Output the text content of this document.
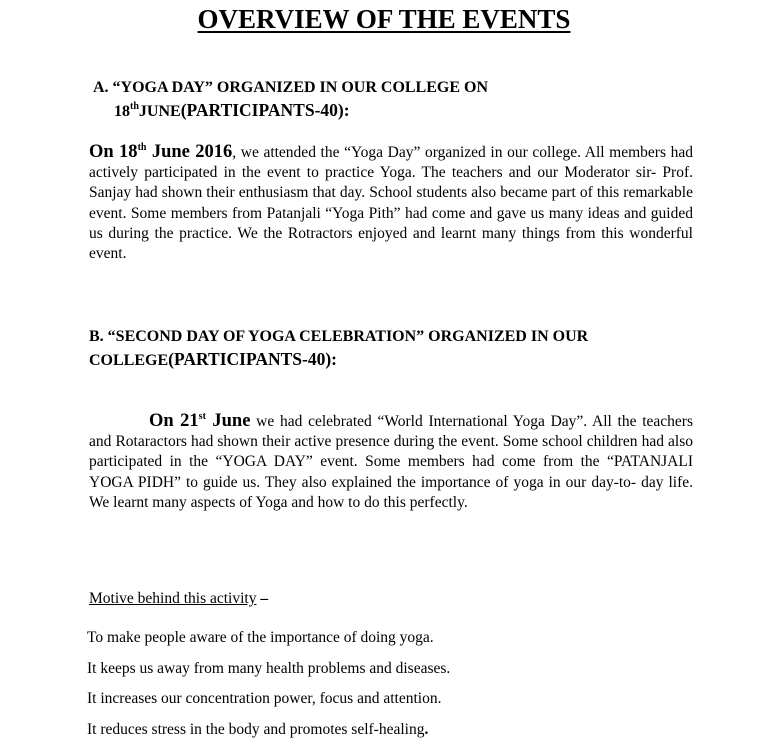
OVERVIEW OF THE EVENTS
A. “YOGA DAY” ORGANIZED IN OUR COLLEGE ON
18thJUNE(PARTICIPANTS-40):

On 18th June 2016, we attended the “Yoga Day” organized in our college. All members had actively participated in the event to practice Yoga. The teachers and our Moderator sir- Prof. Sanjay had shown their enthusiasm that day. School students also became part of this remarkable event. Some members from Patanjali “Yoga Pith” had come and gave us many ideas and guided us during the practice. We the Rotractors enjoyed and learnt many things from this wonderful event.

B. “SECOND DAY OF YOGA CELEBRATION” ORGANIZED IN OUR
COLLEGE(PARTICIPANTS-40):

On 21st June we had celebrated “World International Yoga Day”. All the teachers and Rotaractors had shown their active presence during the event. Some school children had also participated in the “YOGA DAY” event. Some members had come from the “PATANJALI YOGA PIDH” to guide us. They also explained the importance of yoga in our day-to- day life. We learnt many aspects of Yoga and how to do this perfectly.

Motive behind this activity –

To make people aware of the importance of doing yoga.
It keeps us away from many health problems and diseases.
It increases our concentration power, focus and attention.
It reduces stress in the body and promotes self-healing.
